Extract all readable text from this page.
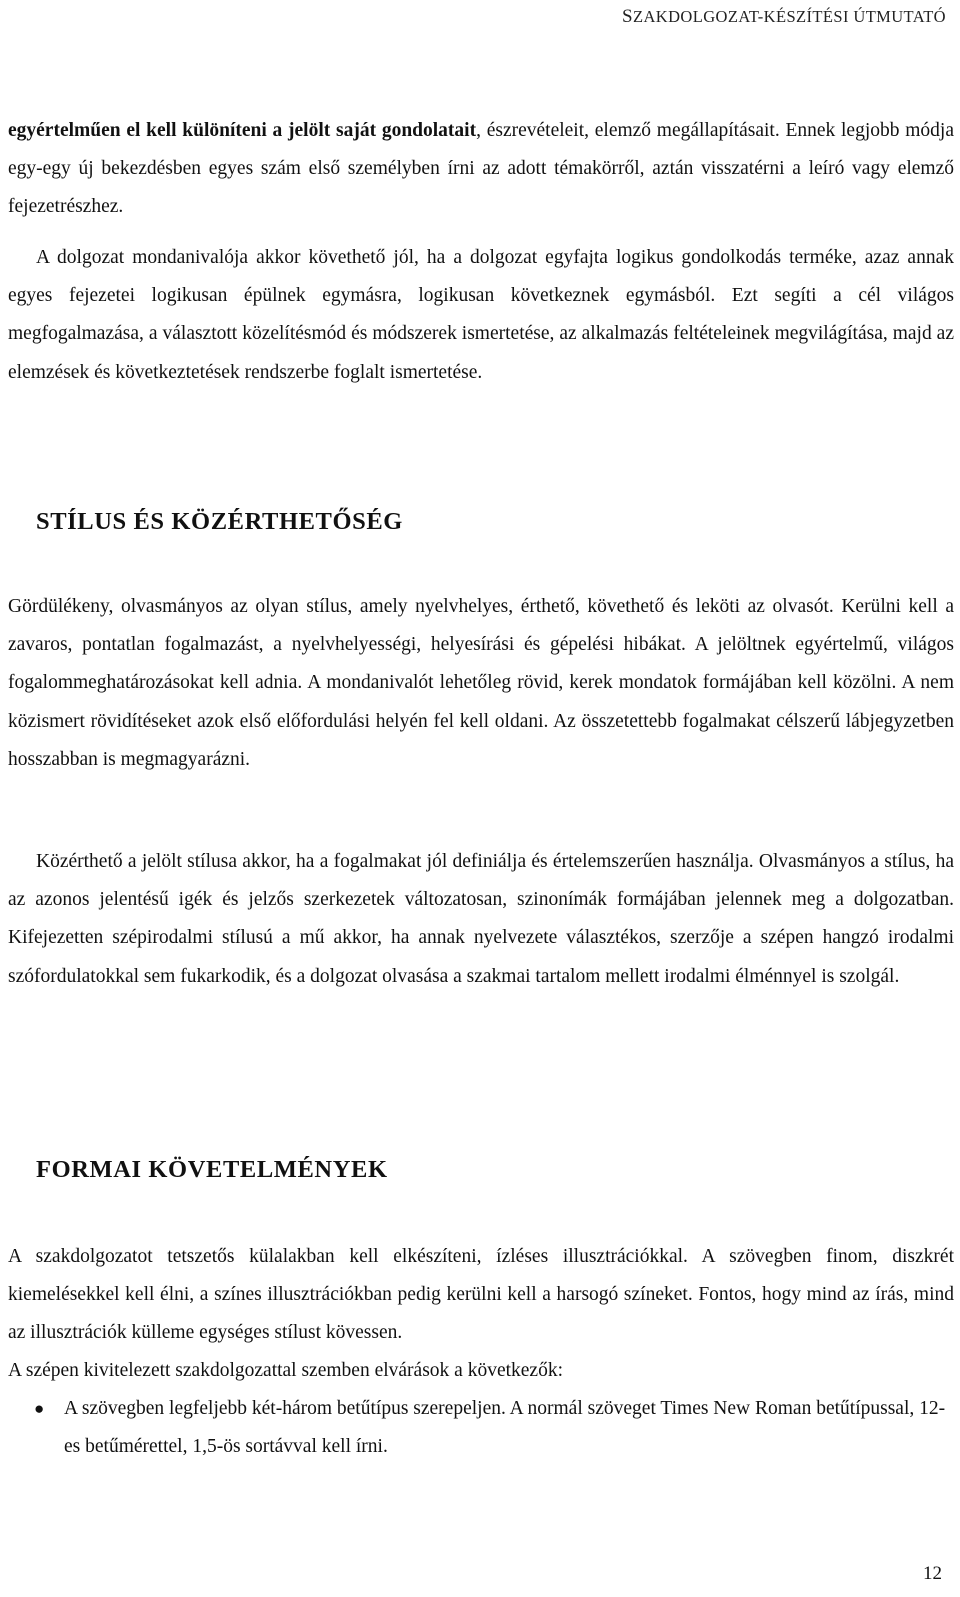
SZAKDOLGOZAT-KÉSZÍTÉSI ÚTMUTATÓ

egyértelműen el kell különíteni a jelölt saját gondolatait, észrevételeit, elemző megállapításait. Ennek legjobb módja egy-egy új bekezdésben egyes szám első személyben írni az adott témakörről, aztán visszatérni a leíró vagy elemző fejezetrészhez.

A dolgozat mondanivalója akkor követhető jól, ha a dolgozat egyfajta logikus gondolkodás terméke, azaz annak egyes fejezetei logikusan épülnek egymásra, logikusan következnek egymásból. Ezt segíti a cél világos megfogalmazása, a választott közelítésmód és módszerek ismertetése, az alkalmazás feltételeinek megvilágítása, majd az elemzések és következtetések rendszerbe foglalt ismertetése.

STÍLUS ÉS KÖZÉRTHETŐSÉG

Gördülékeny, olvasmányos az olyan stílus, amely nyelvhelyes, érthető, követhető és leköti az olvasót. Kerülni kell a zavaros, pontatlan fogalmazást, a nyelvhelyességi, helyesírási és gépelési hibákat. A jelöltnek egyértelmű, világos fogalommeghatározásokat kell adnia. A mondanivalót lehetőleg rövid, kerek mondatok formájában kell közölni. A nem közismert rövidítéseket azok első előfordulási helyén fel kell oldani. Az összetettebb fogalmakat célszerű lábjegyzetben hosszabban is megmagyarázni.

Közérthető a jelölt stílusa akkor, ha a fogalmakat jól definiálja és értelemszerűen használja. Olvasmányos a stílus, ha az azonos jelentésű igék és jelzős szerkezetek változatosan, szinonímák formájában jelennek meg a dolgozatban. Kifejezetten szépirodalmi stílusú a mű akkor, ha annak nyelvezete választékos, szerzője a szépen hangzó irodalmi szófordulatokkal sem fukarkodik, és a dolgozat olvasása a szakmai tartalom mellett irodalmi élménnyel is szolgál.

FORMAI KÖVETELMÉNYEK

A szakdolgozatot tetszetős külalakban kell elkészíteni, ízléses illusztrációkkal. A szövegben finom, diszkrét kiemelésekkel kell élni, a színes illusztrációkban pedig kerülni kell a harsogó színeket. Fontos, hogy mind az írás, mind az illusztrációk külleme egységes stílust kövessen.

A szépen kivitelezett szakdolgozattal szemben elvárások a következők:

● A szövegben legfeljebb két-három betűtípus szerepeljen. A normál szöveget Times New Roman betűtípussal, 12-es betűmérettel, 1,5-ös sortávval kell írni.

12
